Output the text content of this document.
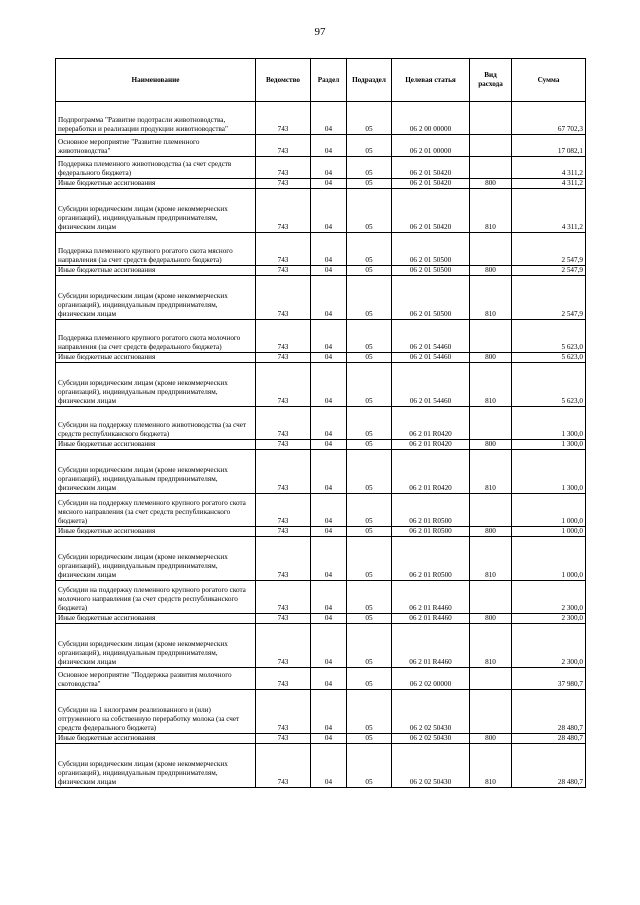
97
Наименование	Ведомство	Раздел	Подраздел	Целевая статья	Вид расхода	Сумма
Подпрограмма "Развитие подотрасли животноводства, переработки и реализации продукции животноводства"	743	04	05	06 2 00 00000		67 702,3
Основное мероприятие "Развитие племенного животноводства"	743	04	05	06 2 01 00000		17 082,1
Поддержка племенного животноводства (за счет средств федерального бюджета)	743	04	05	06 2 01 50420		4 311,2
Иные бюджетные ассигнования	743	04	05	06 2 01 50420	800	4 311,2
Субсидии юридическим лицам (кроме некоммерческих организаций), индивидуальным предпринимателям, физическим лицам	743	04	05	06 2 01 50420	810	4 311,2
Поддержка племенного крупного рогатого скота мясного направления (за счет средств федерального бюджета)	743	04	05	06 2 01 50500		2 547,9
Иные бюджетные ассигнования	743	04	05	06 2 01 50500	800	2 547,9
Субсидии юридическим лицам (кроме некоммерческих организаций), индивидуальным предпринимателям, физическим лицам	743	04	05	06 2 01 50500	810	2 547,9
Поддержка племенного крупного рогатого скота молочного направления (за счет средств федерального бюджета)	743	04	05	06 2 01 54460		5 623,0
Иные бюджетные ассигнования	743	04	05	06 2 01 54460	800	5 623,0
Субсидии юридическим лицам (кроме некоммерческих организаций), индивидуальным предпринимателям, физическим лицам	743	04	05	06 2 01 54460	810	5 623,0
Субсидии на поддержку племенного животноводства (за счет средств республиканского бюджета)	743	04	05	06 2 01 R0420		1 300,0
Иные бюджетные ассигнования	743	04	05	06 2 01 R0420	800	1 300,0
Субсидии юридическим лицам (кроме некоммерческих организаций), индивидуальным предпринимателям, физическим лицам	743	04	05	06 2 01 R0420	810	1 300,0
Субсидии на поддержку племенного крупного рогатого скота мясного направления (за счет средств республиканского бюджета)	743	04	05	06 2 01 R0500		1 000,0
Иные бюджетные ассигнования	743	04	05	06 2 01 R0500	800	1 000,0
Субсидии юридическим лицам (кроме некоммерческих организаций), индивидуальным предпринимателям, физическим лицам	743	04	05	06 2 01 R0500	810	1 000,0
Субсидии на поддержку племенного крупного рогатого скота молочного направления (за счет средств республиканского бюджета)	743	04	05	06 2 01 R4460		2 300,0
Иные бюджетные ассигнования	743	04	05	06 2 01 R4460	800	2 300,0
Субсидии юридическим лицам (кроме некоммерческих организаций), индивидуальным предпринимателям, физическим лицам	743	04	05	06 2 01 R4460	810	2 300,0
Основное мероприятие "Поддержка развития молочного скотоводства"	743	04	05	06 2 02 00000		37 980,7
Субсидии на 1 килограмм реализованного и (или) отгруженного на собственную переработку молока (за счет средств федерального бюджета)	743	04	05	06 2 02 50430		28 480,7
Иные бюджетные ассигнования	743	04	05	06 2 02 50430	800	28 480,7
Субсидии юридическим лицам (кроме некоммерческих организаций), индивидуальным предпринимателям, физическим лицам	743	04	05	06 2 02 50430	810	28 480,7
